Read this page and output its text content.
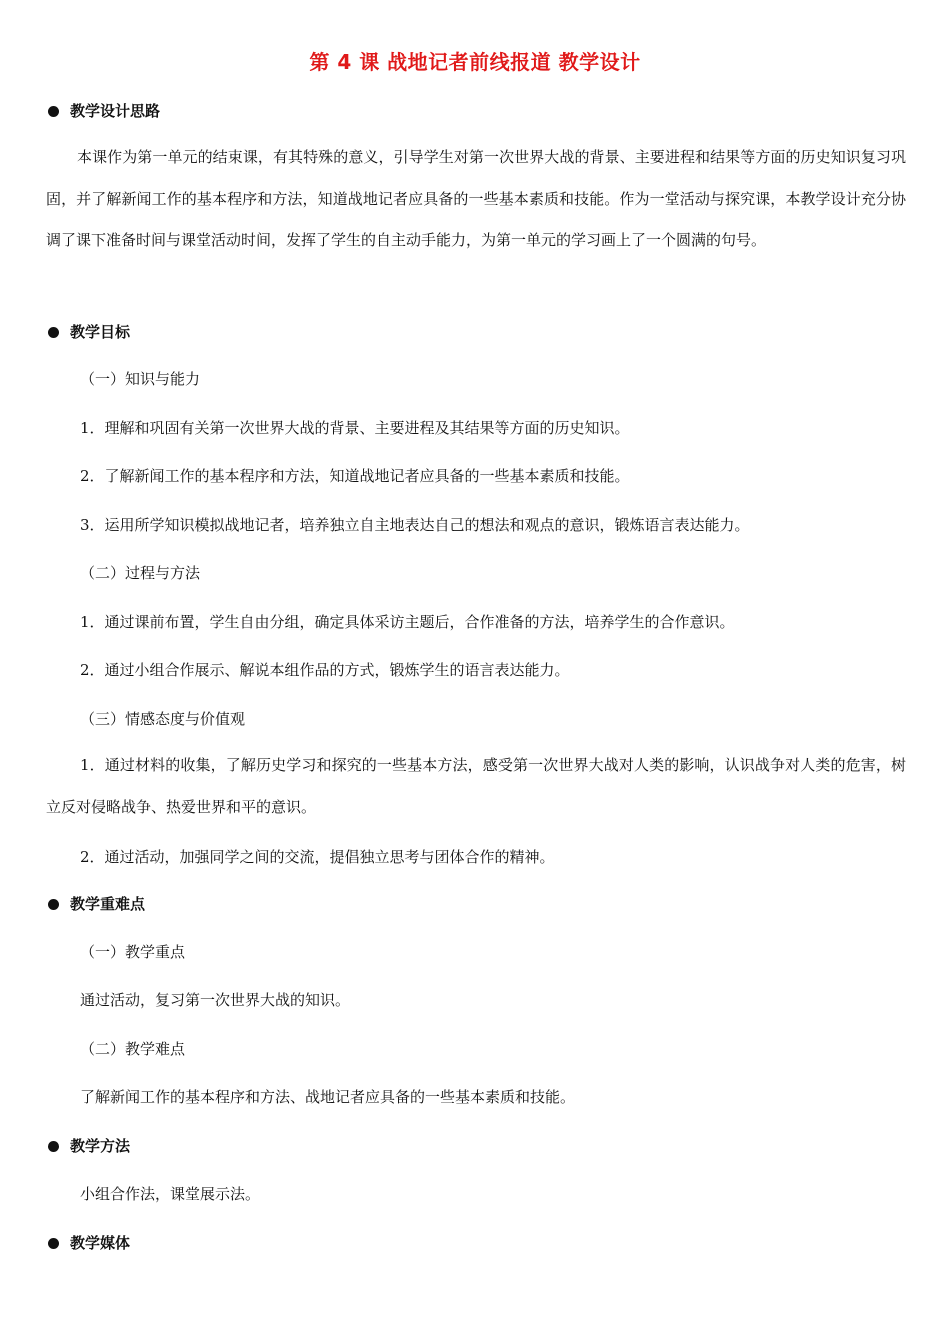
第 4 课 战地记者前线报道 教学设计
教学设计思路

本课作为第一单元的结束课，有其特殊的意义，引导学生对第一次世界大战的背景、主要进程和结果等方面的历史知识复习巩固，并了解新闻工作的基本程序和方法，知道战地记者应具备的一些基本素质和技能。作为一堂活动与探究课，本教学设计充分协调了课下准备时间与课堂活动时间，发挥了学生的自主动手能力，为第一单元的学习画上了一个圆满的句号。

教学目标
（一）知识与能力
1．理解和巩固有关第一次世界大战的背景、主要进程及其结果等方面的历史知识。
2．了解新闻工作的基本程序和方法，知道战地记者应具备的一些基本素质和技能。
3．运用所学知识模拟战地记者，培养独立自主地表达自己的想法和观点的意识，锻炼语言表达能力。
（二）过程与方法
1．通过课前布置，学生自由分组，确定具体采访主题后，合作准备的方法，培养学生的合作意识。
2．通过小组合作展示、解说本组作品的方式，锻炼学生的语言表达能力。
（三）情感态度与价值观

1．通过材料的收集，了解历史学习和探究的一些基本方法，感受第一次世界大战对人类的影响，认识战争对人类的危害，树立反对侵略战争、热爱世界和平的意识。

2．通过活动，加强同学之间的交流，提倡独立思考与团体合作的精神。
教学重难点
（一）教学重点
通过活动，复习第一次世界大战的知识。
（二）教学难点
了解新闻工作的基本程序和方法、战地记者应具备的一些基本素质和技能。
教学方法
小组合作法，课堂展示法。
教学媒体
